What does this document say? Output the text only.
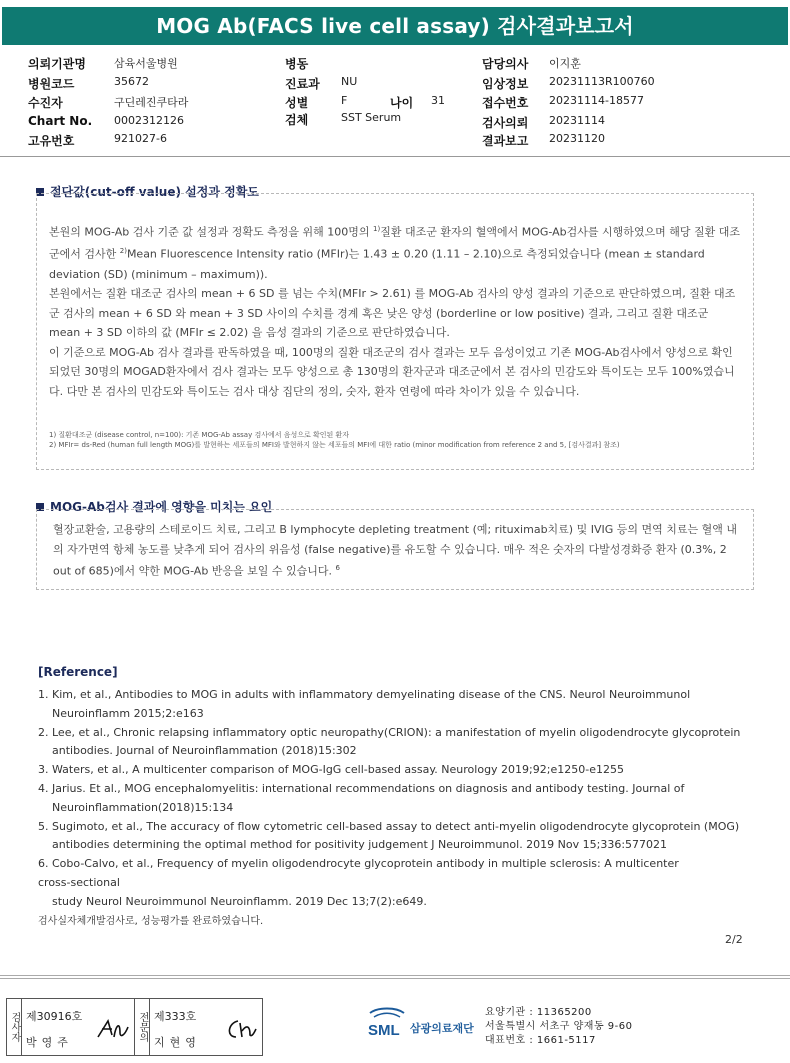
MOG Ab(FACS live cell assay) 검사결과보고서
의뢰기관명	삼육서울병원	병동	담당의사 이지훈
병원코드	35672	진료과 NU	임상정보 20231113R100760
수진자	구딘레진쿠타라	성별	F	나이 31	접수번호 20231114-18577
Chart No. 0002312126	검체	SST Serum	검사의뢰 20231114
고유번호	921027-6	결과보고 20231120
절단값(cut-off value) 설정과 정확도

본원의 MOG-Ab 검사 기준 값 설정과 정확도 측정을 위해 100명의 $^{1)}$질환 대조군 환자의 혈액에서 MOG-Ab검사를 시행하였으며 해당 질환 대조군에서 검사한 $^{2)}$Mean Fluorescence Intensity ratio (MFIr)는 1.43 ± 0.20 (1.11 – 2.10)으로 측정되었습니다 (mean ± standard deviation (SD) (minimum – maximum)).

본원에서는 질환 대조군 검사의 mean + 6 SD 를 넘는 수치(MFIr > 2.61) 를 MOG-Ab 검사의 양성 결과의 기준으로 판단하였으며, 질환 대조군 검사의 mean + 6 SD 와 mean + 3 SD 사이의 수치를 경계 혹은 낮은 양성 (borderline or low positive) 결과, 그리고 질환 대조군 mean + 3 SD 이하의 값 (MFIr ≤ 2.02) 을 음성 결과의 기준으로 판단하였습니다.

이 기준으로 MOG-Ab 검사 결과를 판독하였을 때, 100명의 질환 대조군의 검사 결과는 모두 음성이었고 기존 MOG-Ab검사에서 양성으로 확인되었던 30명의 MOGAD환자에서 검사 결과는 모두 양성으로 총 130명의 환자군과 대조군에서 본 검사의 민감도와 특이도는 모두 100%였습니다. 다만 본 검사의 민감도와 특이도는 검사 대상 집단의 정의, 숫자, 환자 연령에 따라 차이가 있을 수 있습니다.

1) 질환대조군 (disease control, n=100): 기존 MOG-Ab assay 검사에서 음성으로 확인된 환자

2) MFIr= ds-Red (human full length MOG)를 발현하는 세포들의 MFI와 발현하지 않는 세포들의 MFI에 대한 ratio (minor modification from reference 2 and 5, [검사결과] 참조)

MOG-Ab검사 결과에 영향을 미치는 요인

혈장교환술, 고용량의 스테로이드 치료, 그리고 B lymphocyte depleting treatment (예; rituximab치료) 및 IVIG 등의 면역 치료는 혈액 내의 자가면역 항체 농도를 낮추게 되어 검사의 위음성 (false negative)를 유도할 수 있습니다. 매우 적은 숫자의 다발성경화증 환자 (0.3%, 2 out of 685)에서 약한 MOG-Ab 반응을 보일 수 있습니다. $^6$

[Reference]

1. Kim, et al., Antibodies to MOG in adults with inflammatory demyelinating disease of the CNS. Neurol Neuroimmunol

Neuroinflamm 2015;2:e163

2. Lee, et al., Chronic relapsing inflammatory optic neuropathy(CRION): a manifestation of myelin oligodendrocyte glycoprotein

antibodies. Journal of Neuroinflammation (2018)15:302

3. Waters, et al., A multicenter comparison of MOG-IgG cell-based assay. Neurology 2019;92;e1250-e1255

4. Jarius. Et al., MOG encephalomyelitis: international recommendations on diagnosis and antibody testing. Journal of

Neuroinflammation(2018)15:134

5. Sugimoto, et al., The accuracy of flow cytometric cell-based assay to detect anti-myelin oligodendrocyte glycoprotein (MOG)

antibodies determining the optimal method for positivity judgement J Neuroimmunol. 2019 Nov 15;336:577021

6. Cobo-Calvo, et al., Frequency of myelin oligodendrocyte glycoprotein antibody in multiple sclerosis: A multicenter

cross-sectional

study Neurol Neuroimmunol Neuroinflamm. 2019 Dec 13;7(2):e649.

검사실자체개발검사로, 성능평가를 완료하였습니다.
2/2
검사자 제30916호
박영주
전문의 제333호
지현영
SML 삼광의료재단
요양기관 : 11365200
서울특별시 서초구 양재동 9-60
대표번호 : 1661-5117
